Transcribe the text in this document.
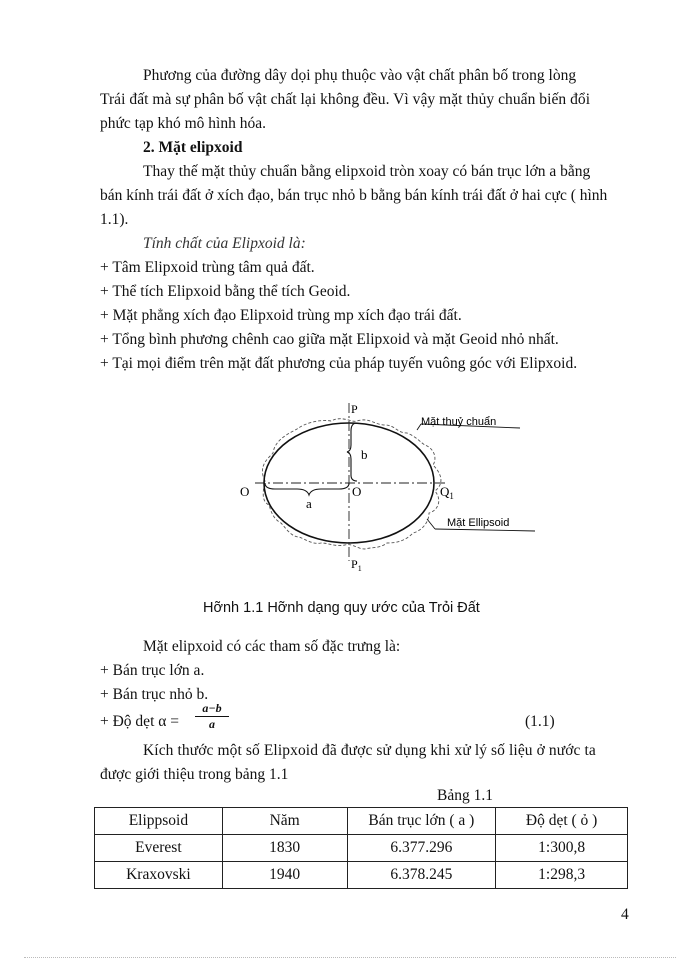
Phương của đường dây dọi phụ thuộc vào vật chất phân bố trong lòng
Trái đất mà sự phân bố vật chất lại không đều. Vì vậy mặt thủy chuẩn biến đổi
phức tạp khó mô hình hóa.
2. Mặt elipxoid
Thay thế mặt thủy chuẩn bằng elipxoid tròn xoay có bán trục lớn a bằng
bán kính trái đất ở xích đạo, bán trục nhỏ b bằng bán kính trái đất ở hai cực ( hình
1.1).
Tính chất của Elipxoid là:
+ Tâm Elipxoid trùng tâm quả đất.
+ Thể tích Elipxoid bằng thể tích Geoid.
+ Mặt phẳng xích đạo Elipxoid trùng mp xích đạo trái đất.
+ Tổng bình phương chênh cao giữa mặt Elipxoid và mặt Geoid nhỏ nhất.
+ Tại mọi điểm trên mặt đất phương của pháp tuyến vuông góc với Elipxoid.
P
b
O	O
a
$Q_1$
$P_1$
Mặt thuỷ chuẩn
Mặt Ellipsoid
Hỡnh 1.1 Hỡnh dạng quy ước của Trỏi Đất
Mặt elipxoid có các tham số đặc trưng là:
+ Bán trục lớn a.
+ Bán trục nhỏ b.
+ Độ dẹt $\alpha = \frac{a-b}{a}$	(1.1)
Kích thước một số Elipxoid đã được sử dụng khi xử lý số liệu ở nước ta
được giới thiệu trong bảng 1.1
Bảng 1.1
Elippsoid	Năm	Bán trục lớn ( a )	Độ dẹt ( ỏ )
Everest	1830	6.377.296	1:300,8
Kraxovski	1940	6.378.245	1:298,3
4
